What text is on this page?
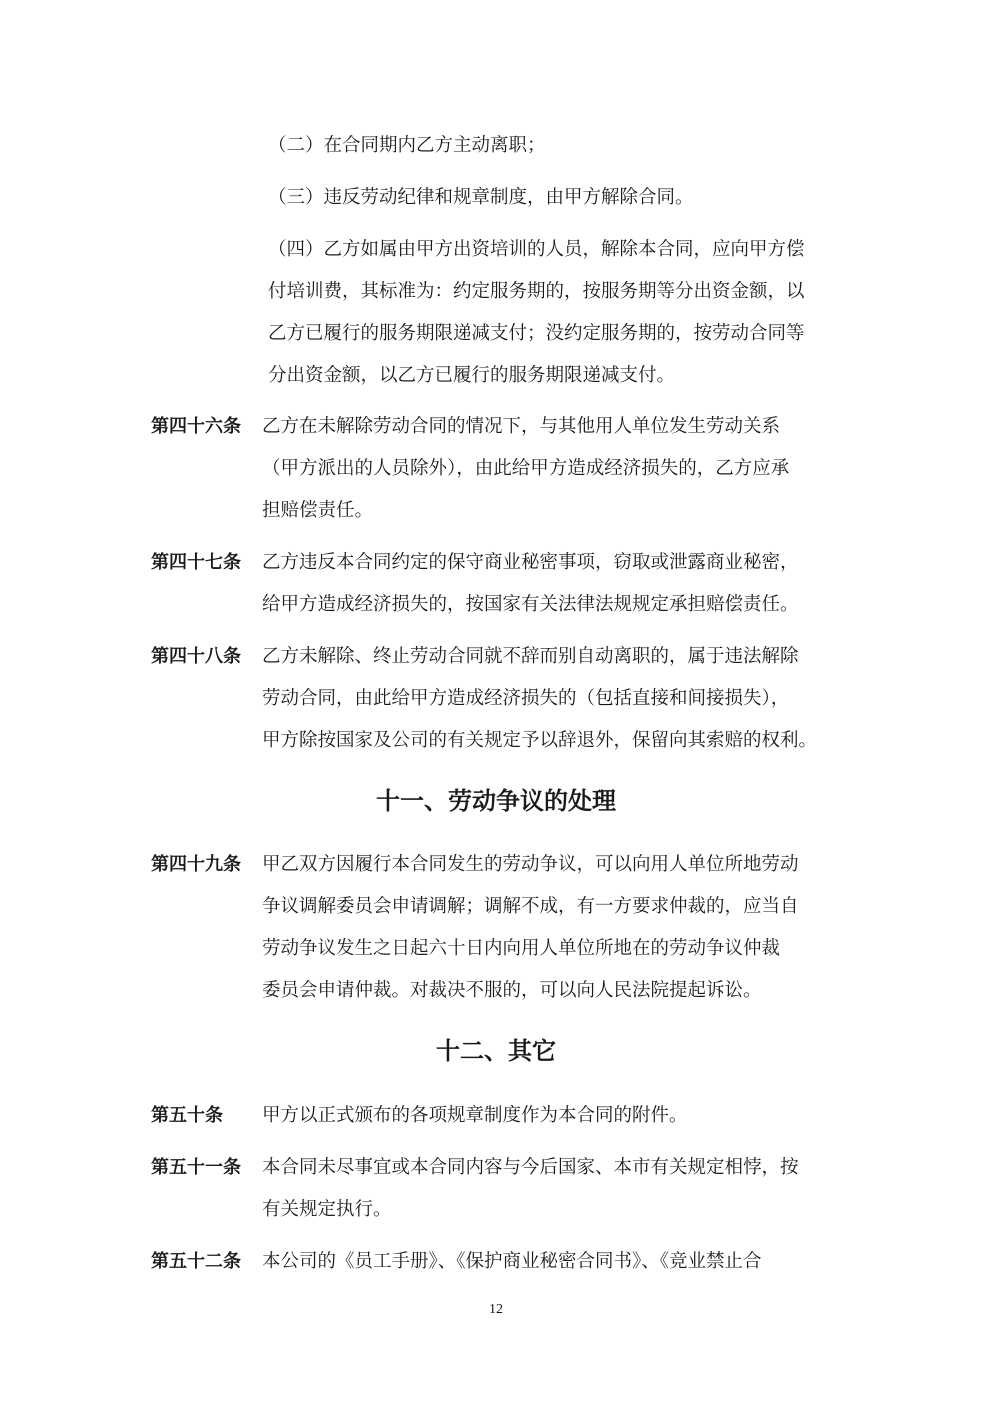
（二）在合同期内乙方主动离职；
（三）违反劳动纪律和规章制度，由甲方解除合同。
（四）乙方如属由甲方出资培训的人员，解除本合同，应向甲方偿
付培训费，其标准为：约定服务期的，按服务期等分出资金额，以
乙方已履行的服务期限递减支付；没约定服务期的，按劳动合同等
分出资金额，以乙方已履行的服务期限递减支付。
第四十六条 乙方在未解除劳动合同的情况下，与其他用人单位发生劳动关系
（甲方派出的人员除外），由此给甲方造成经济损失的，乙方应承
担赔偿责任。
第四十七条 乙方违反本合同约定的保守商业秘密事项，窃取或泄露商业秘密，
给甲方造成经济损失的，按国家有关法律法规规定承担赔偿责任。
第四十八条 乙方未解除、终止劳动合同就不辞而别自动离职的，属于违法解除
劳动合同，由此给甲方造成经济损失的（包括直接和间接损失），
甲方除按国家及公司的有关规定予以辞退外，保留向其索赔的权利。
十一、劳动争议的处理
第四十九条 甲乙双方因履行本合同发生的劳动争议，可以向用人单位所地劳动
争议调解委员会申请调解；调解不成，有一方要求仲裁的，应当自
劳动争议发生之日起六十日内向用人单位所地在的劳动争议仲裁
委员会申请仲裁。对裁决不服的，可以向人民法院提起诉讼。
十二、其它
第五十条 甲方以正式颁布的各项规章制度作为本合同的附件。
第五十一条 本合同未尽事宜或本合同内容与今后国家、本市有关规定相悖，按
有关规定执行。
第五十二条 本公司的《员工手册》、《保护商业秘密合同书》、《竞业禁止合
12
